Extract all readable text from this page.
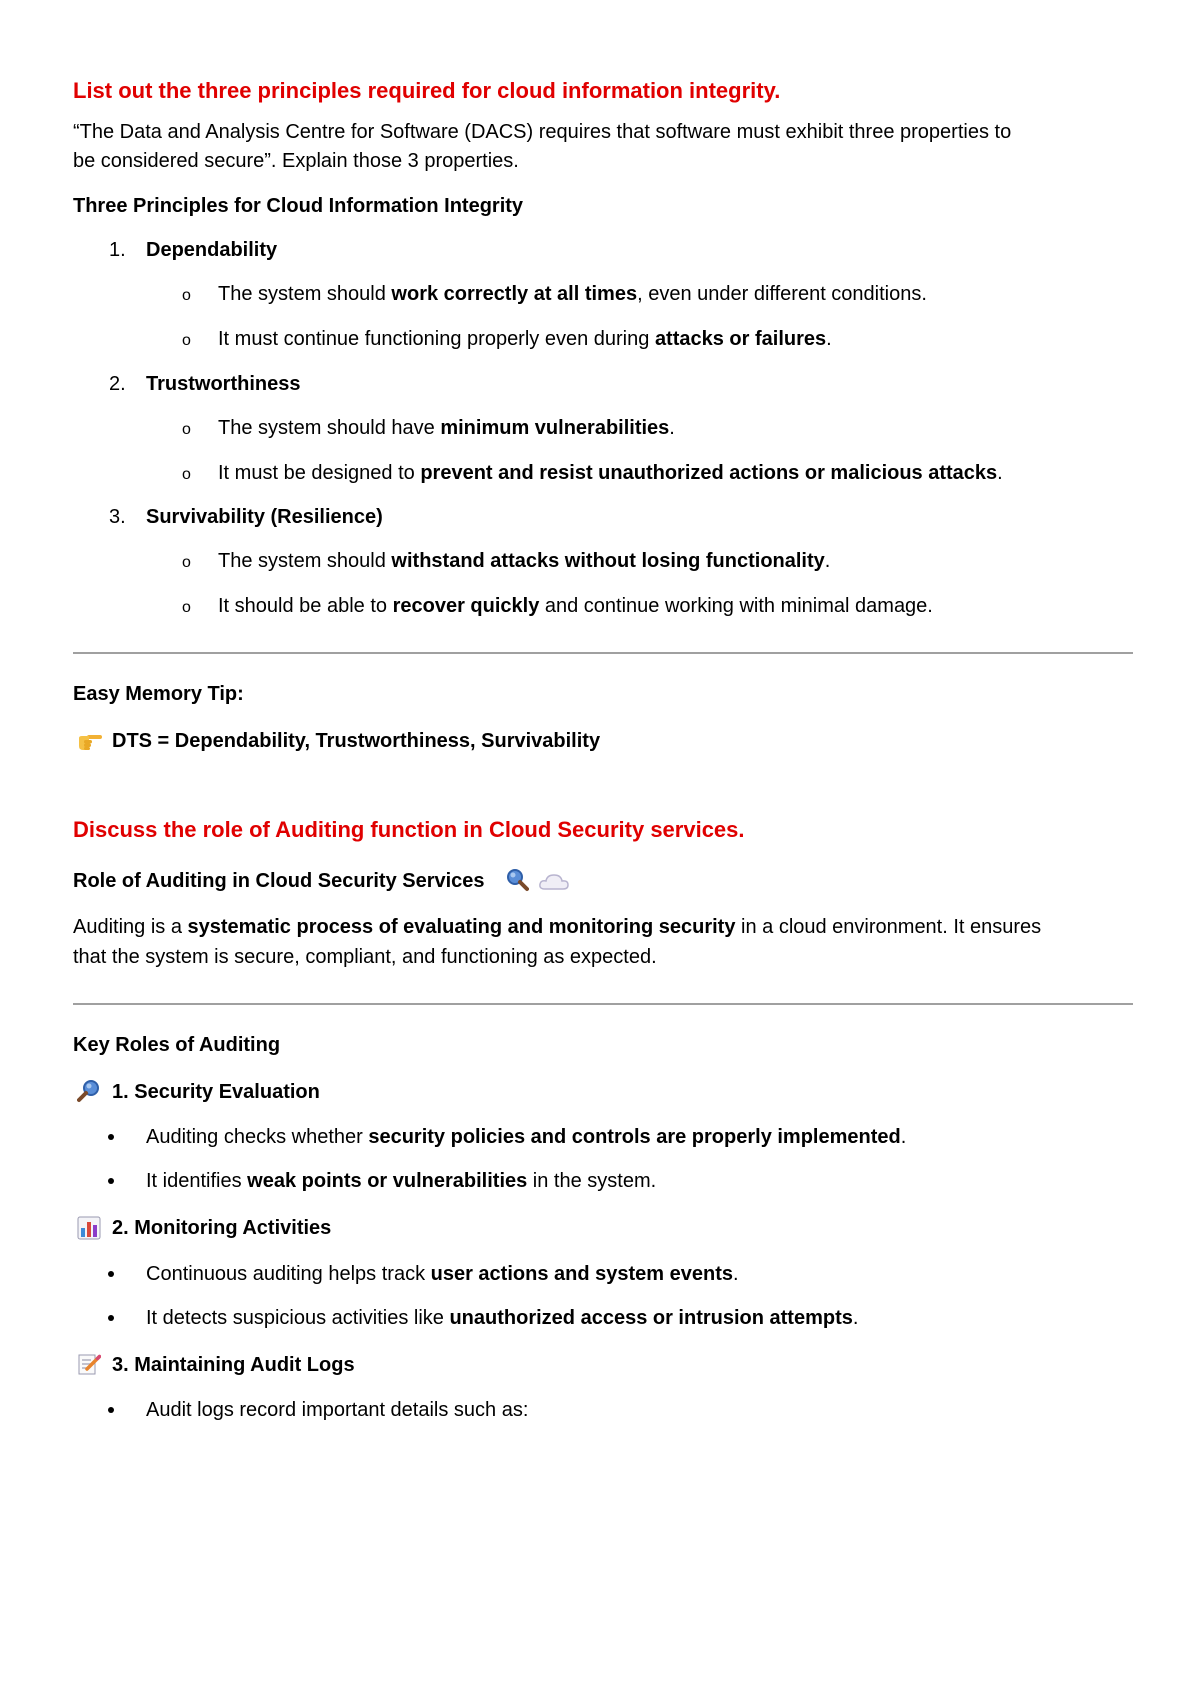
List out the three principles required for cloud information integrity.
“The Data and Analysis Centre for Software (DACS) requires that software must exhibit three properties to
be considered secure”. Explain those 3 properties.
Three Principles for Cloud Information Integrity
1. Dependability
o The system should work correctly at all times, even under different conditions.
o It must continue functioning properly even during attacks or failures.
2. Trustworthiness
o The system should have minimum vulnerabilities.
o It must be designed to prevent and resist unauthorized actions or malicious attacks.
3. Survivability (Resilience)
o The system should withstand attacks without losing functionality.
o It should be able to recover quickly and continue working with minimal damage.
Easy Memory Tip:
DTS = Dependability, Trustworthiness, Survivability
Discuss the role of Auditing function in Cloud Security services.
Role of Auditing in Cloud Security Services
Auditing is a systematic process of evaluating and monitoring security in a cloud environment. It ensures
that the system is secure, compliant, and functioning as expected.
Key Roles of Auditing
1. Security Evaluation
Auditing checks whether security policies and controls are properly implemented.
It identifies weak points or vulnerabilities in the system.
2. Monitoring Activities
Continuous auditing helps track user actions and system events.
It detects suspicious activities like unauthorized access or intrusion attempts.
3. Maintaining Audit Logs
Audit logs record important details such as:
